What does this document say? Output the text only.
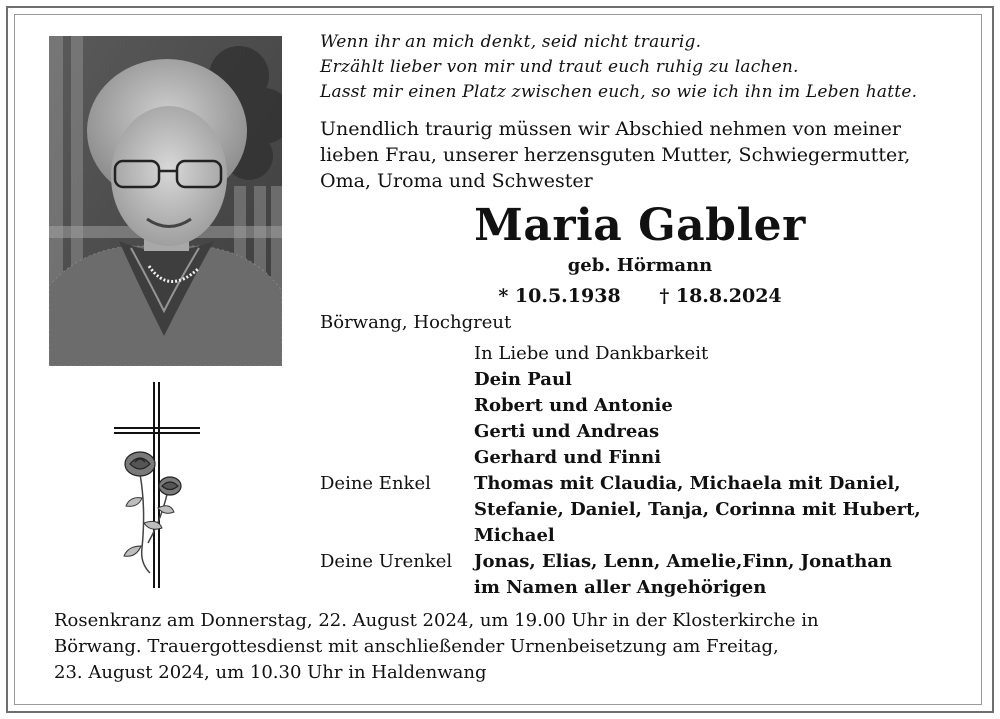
Wenn ihr an mich denkt, seid nicht traurig.
Erzählt lieber von mir und traut euch ruhig zu lachen.
Lasst mir einen Platz zwischen euch, so wie ich ihn im Leben hatte.
Unendlich traurig müssen wir Abschied nehmen von meiner
lieben Frau, unserer herzensguten Mutter, Schwiegermutter,
Oma, Uroma und Schwester
Maria Gabler
geb. Hörmann
* 10.5.1938 † 18.8.2024
Börwang, Hochgreut
In Liebe und Dankbarkeit
Dein Paul
Robert und Antonie
Gerti und Andreas
Gerhard und Finni
Deine Enkel	Thomas mit Claudia, Michaela mit Daniel,
Stefanie, Daniel, Tanja, Corinna mit Hubert,
Michael
Deine Urenkel	Jonas, Elias, Lenn, Amelie,Finn, Jonathan
im Namen aller Angehörigen
Rosenkranz am Donnerstag, 22. August 2024, um 19.00 Uhr in der Klosterkirche in
Börwang. Trauergottesdienst mit anschließender Urnenbeisetzung am Freitag,
23. August 2024, um 10.30 Uhr in Haldenwang
